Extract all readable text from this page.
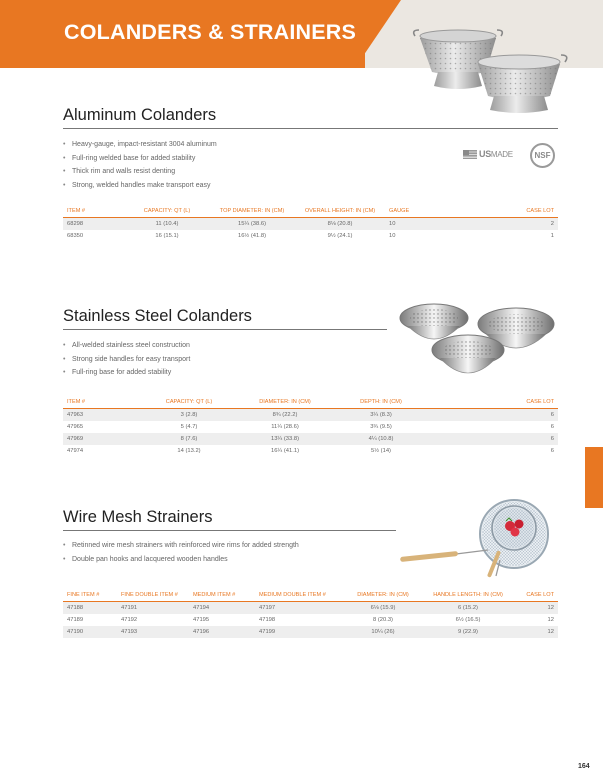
COLANDERS & STRAINERS
Aluminum Colanders
• Heavy-gauge, impact-resistant 3004 aluminum
• Full-ring welded base for added stability
• Thick rim and walls resist denting
• Strong, welded handles make transport easy
USMADE	NSF
ITEM #	CAPACITY: QT (L)	TOP DIAMETER: IN (CM)	OVERALL HEIGHT: IN (CM)	GAUGE	CASE LOT
68298	11 (10.4)	15¼ (38.6)	8⅛ (20.8)	10	2
68350	16 (15.1)	16½ (41.8)	9½ (24.1)	10	1
Stainless Steel Colanders
• All-welded stainless steel construction
• Strong side handles for easy transport
• Full-ring base for added stability
ITEM #	CAPACITY: QT (L)	DIAMETER: IN (CM)	DEPTH: IN (CM)	CASE LOT
47963	3 (2.8)	8¾ (22.2)	3¼ (8.3)	6
47965	5 (4.7)	11¼ (28.6)	3¾ (9.5)	6
47969	8 (7.6)	13¼ (33.8)	4¼ (10.8)	6
47974	14 (13.2)	16¼ (41.1)	5½ (14)	6
Wire Mesh Strainers
• Retinned wire mesh strainers with reinforced wire rims for added strength
• Double pan hooks and lacquered wooden handles
FINE ITEM #	FINE DOUBLE ITEM #	MEDIUM ITEM #	MEDIUM DOUBLE ITEM #	DIAMETER: IN (CM)	HANDLE LENGTH: IN (CM)	CASE LOT
47188	47191	47194	47197	6⅛ (15.9)	6 (15.2)	12
47189	47192	47195	47198	8 (20.3)	6½ (16.5)	12
47190	47193	47196	47199	10¼ (26)	9 (22.9)	12
164
